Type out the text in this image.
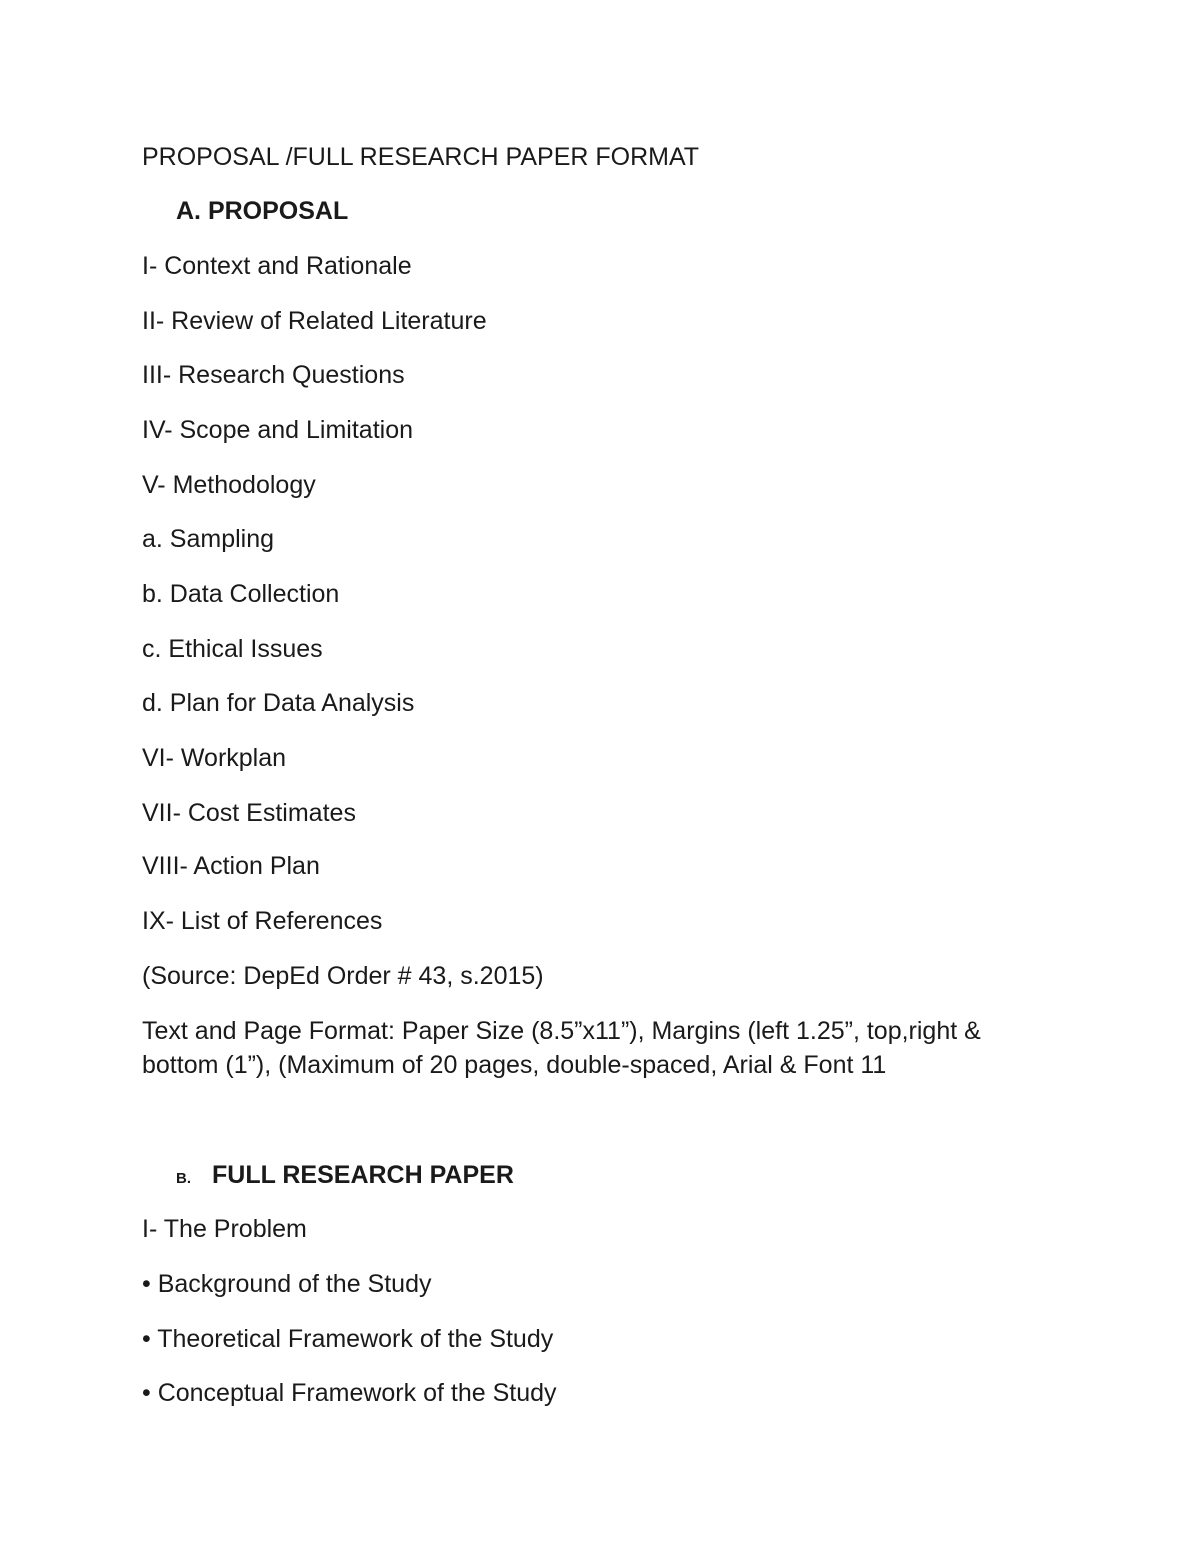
PROPOSAL /FULL RESEARCH PAPER FORMAT
A. PROPOSAL
I- Context and Rationale
II- Review of Related Literature
III- Research Questions
IV- Scope and Limitation
V- Methodology
a. Sampling
b. Data Collection
c. Ethical Issues
d. Plan for Data Analysis
VI- Workplan
VII- Cost Estimates
VIII- Action Plan
IX- List of References
(Source: DepEd Order # 43, s.2015)
Text and Page Format: Paper Size (8.5”x11”), Margins (left 1.25”, top,right & bottom (1”), (Maximum of 20 pages, double-spaced, Arial & Font 11
B. FULL RESEARCH PAPER
I- The Problem
• Background of the Study
• Theoretical Framework of the Study
• Conceptual Framework of the Study
